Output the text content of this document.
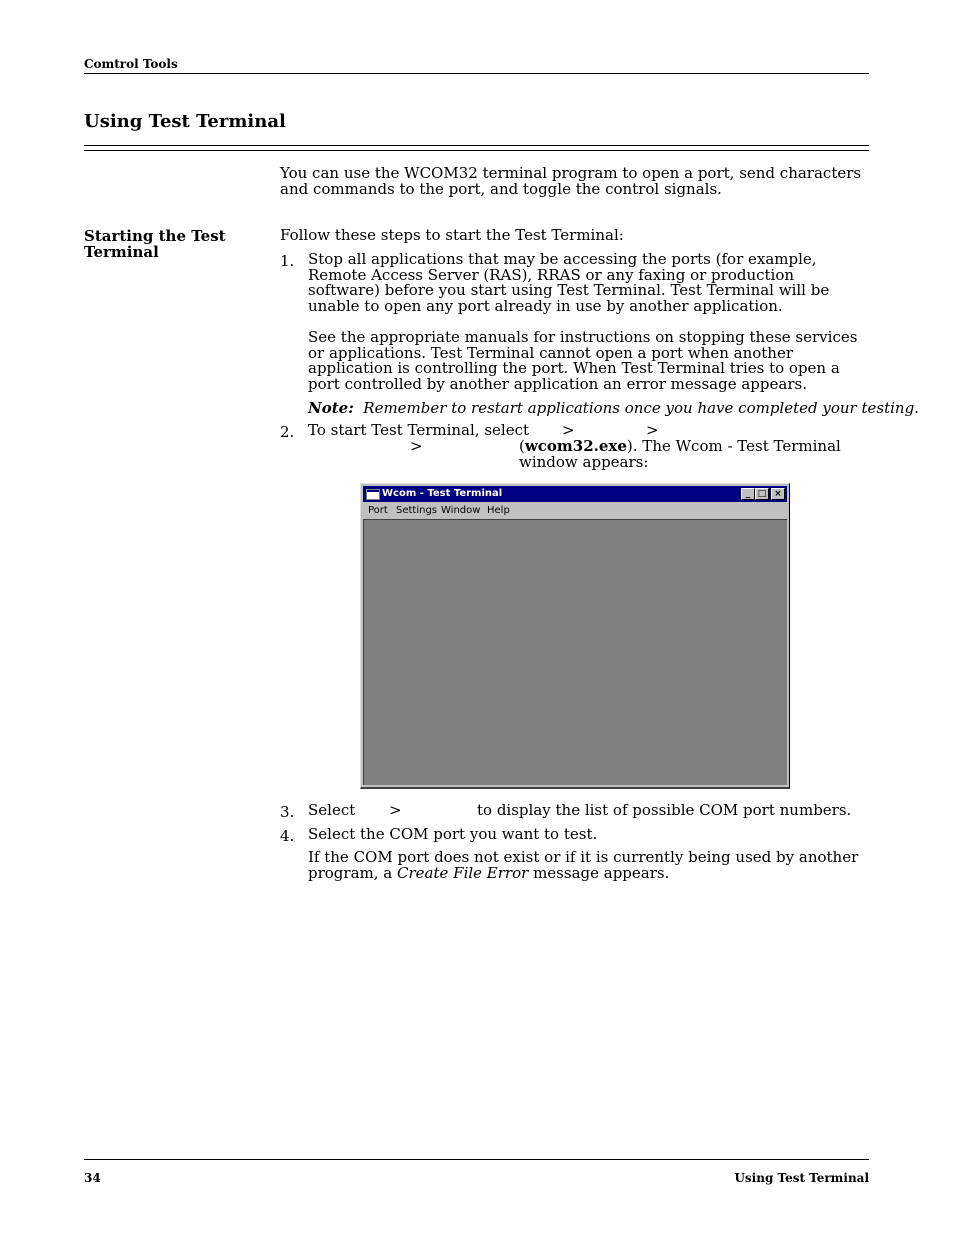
Comtrol Tools
Using Test Terminal
You can use the WCOM32 terminal program to open a port, send characters and commands to the port, and toggle the control signals.
Starting the Test Terminal
Follow these steps to start the Test Terminal:
1. Stop all applications that may be accessing the ports (for example, Remote Access Server (RAS), RRAS or any faxing or production software) before you start using Test Terminal. Test Terminal will be unable to open any port already in use by another application.
See the appropriate manuals for instructions on stopping these services or applications. Test Terminal cannot open a port when another application is controlling the port. When Test Terminal tries to open a port controlled by another application an error message appears.
Note: Remember to restart applications once you have completed your testing.
2. To start Test Terminal, select >	>
>	(wcom32.exe). The Wcom - Test Terminal window appears:
Wcom - Test Terminal	_ □ ×
Port Settings Window Help
3. Select >	to display the list of possible COM port numbers.
4. Select the COM port you want to test.
If the COM port does not exist or if it is currently being used by another program, a Create File Error message appears.
34	Using Test Terminal
